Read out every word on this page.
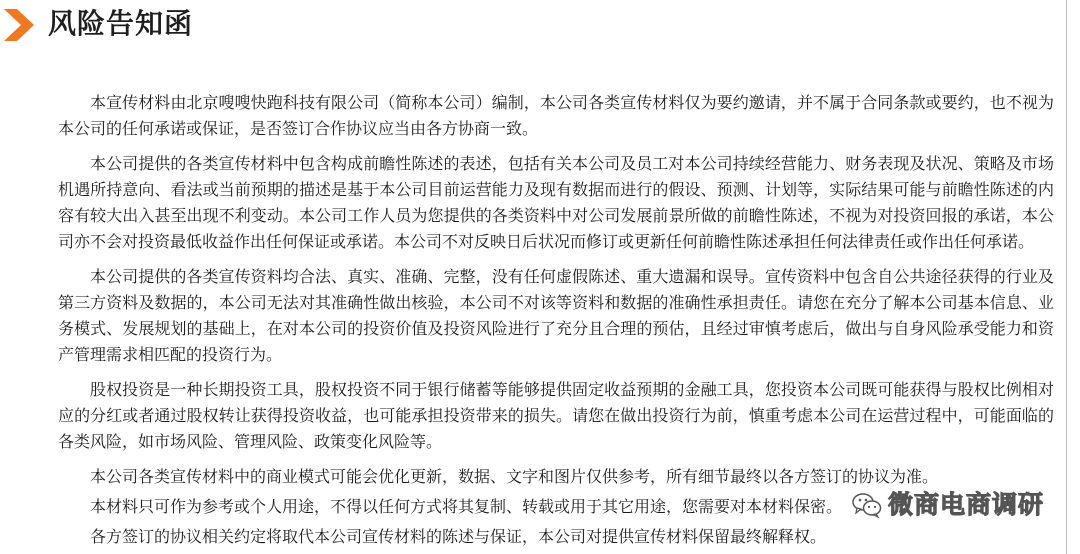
风险告知函

本宣传材料由北京嗖嗖快跑科技有限公司（简称本公司）编制，本公司各类宣传材料仅为要约邀请，并不属于合同条款或要约，也不视为本公司的任何承诺或保证，是否签订合作协议应当由各方协商一致。

本公司提供的各类宣传材料中包含构成前瞻性陈述的表述，包括有关本公司及员工对本公司持续经营能力、财务表现及状况、策略及市场机遇所持意向、看法或当前预期的描述是基于本公司目前运营能力及现有数据而进行的假设、预测、计划等，实际结果可能与前瞻性陈述的内容有较大出入甚至出现不利变动。本公司工作人员为您提供的各类资料中对公司发展前景所做的前瞻性陈述，不视为对投资回报的承诺，本公司亦不会对投资最低收益作出任何保证或承诺。本公司不对反映日后状况而修订或更新任何前瞻性陈述承担任何法律责任或作出任何承诺。

本公司提供的各类宣传资料均合法、真实、准确、完整，没有任何虚假陈述、重大遗漏和误导。宣传资料中包含自公共途径获得的行业及第三方资料及数据的，本公司无法对其准确性做出核验，本公司不对该等资料和数据的准确性承担责任。请您在充分了解本公司基本信息、业务模式、发展规划的基础上，在对本公司的投资价值及投资风险进行了充分且合理的预估，且经过审慎考虑后，做出与自身风险承受能力和资产管理需求相匹配的投资行为。

股权投资是一种长期投资工具，股权投资不同于银行储蓄等能够提供固定收益预期的金融工具，您投资本公司既可能获得与股权比例相对应的分红或者通过股权转让获得投资收益，也可能承担投资带来的损失。请您在做出投资行为前，慎重考虑本公司在运营过程中，可能面临的各类风险，如市场风险、管理风险、政策变化风险等。

本公司各类宣传材料中的商业模式可能会优化更新，数据、文字和图片仅供参考，所有细节最终以各方签订的协议为准。

本材料只可作为参考或个人用途，不得以任何方式将其复制、转载或用于其它用途，您需要对本材料保密。

各方签订的协议相关约定将取代本公司宣传材料的陈述与保证，本公司对提供宣传材料保留最终解释权。

微商电商调研
